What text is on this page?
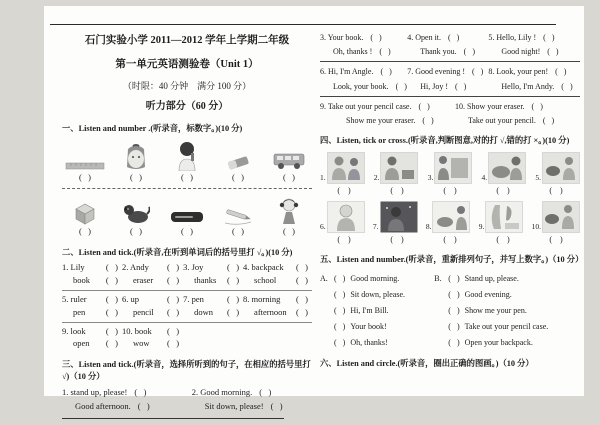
石门实验小学 2011—2012 学年上学期二年级
第一单元英语测验卷（Unit 1）
（时限：40 分钟　满分 100 分）
听力部分（60 分）
一、Listen and number .(听录音，标数字。)(10 分)
(   )	(   )	(   )	(   )	(   )
(   )	(   )	(   )	(   )	(   )
二、Listen and tick.(听录音,在听到单词后的括号里打 √。)(10 分)
1. Lily (   ) 2. Andy (   ) 3. Joy	(   ) 4. backpack (   )
book (   ) eraser (   ) thanks (   ) school (   )
5. ruler (   ) 6. up	(   ) 7. pen	(   ) 8. morning (   )
pen (   ) pencil (   ) down (   ) afternoon (   )
9. look (   ) 10. book (   )
open (   ) wow (   )
三、Listen and tick.(听录音，选择所听到的句子，在相应的括号里打 √)（10 分）
1. stand up, please! (   )	2. Good morning. (   )
Good afternoon. (   )	Sit down, please! (   )
3. Your book. (   )	4. Open it. (   )	5. Hello, Lily ! (   )
Oh, thanks ! (   )	Thank you. (   )	Good night! (   )
6. Hi, I'm Angle. (   ) 7. Good evening ! (   ) 8. Look, your pen! (   )
Look, your book. (   ) Hi, Joy ! (   )	Hello, I'm Andy. (   )
9. Take out your pencil case. (   )	10. Show your eraser. (   )
Show me your eraser. (   )	Take out your pencil. (   )
四、Listen, tick or cross.(听录音,判断图意,对的打 √,错的打 ×。)(10 分)
1.	2.	3.	4.	5.
(    )	(    )	(    )	(    )	(    )
6.	7.	8.	9.	10.
(    )	(    )	(    )	(    )	(    )
五、Listen and number.(听录音，重新排列句子，并写上数字。)（10 分）
A. (   ) Good morning.	B. (   ) Stand up, please.
(   ) Sit down, please.	(   ) Good evening.
(   ) Hi, I'm Bill.	(   ) Show me your pen.
(   ) Your book!	(   ) Take out your pencil case.
(   ) Oh, thanks!	(   ) Open your backpack.
六、Listen and circle.(听录音，圈出正确的图画。)（10 分）
